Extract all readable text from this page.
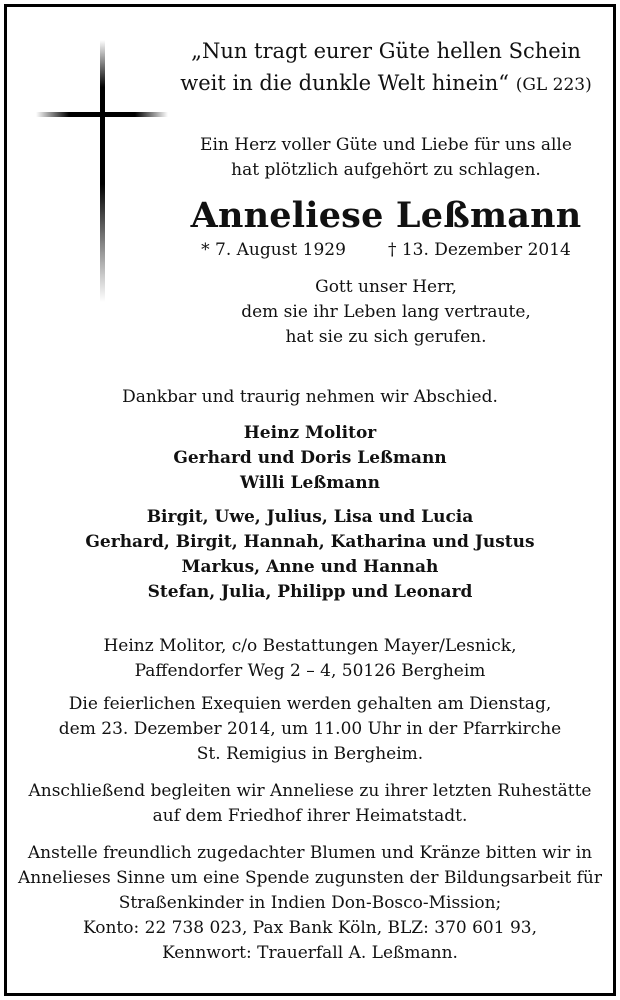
„Nun tragt eurer Güte hellen Schein
weit in die dunkle Welt hinein“ (GL 223)
Ein Herz voller Güte und Liebe für uns alle
hat plötzlich aufgehört zu schlagen.
Anneliese Leßmann
* 7. August 1929 † 13. Dezember 2014
Gott unser Herr,
dem sie ihr Leben lang vertraute,
hat sie zu sich gerufen.
Dankbar und traurig nehmen wir Abschied.
Heinz Molitor
Gerhard und Doris Leßmann
Willi Leßmann
Birgit, Uwe, Julius, Lisa und Lucia
Gerhard, Birgit, Hannah, Katharina und Justus
Markus, Anne und Hannah
Stefan, Julia, Philipp und Leonard
Heinz Molitor, c/o Bestattungen Mayer/Lesnick,
Paffendorfer Weg 2 – 4, 50126 Bergheim
Die feierlichen Exequien werden gehalten am Dienstag,
dem 23. Dezember 2014, um 11.00 Uhr in der Pfarrkirche
St. Remigius in Bergheim.
Anschließend begleiten wir Anneliese zu ihrer letzten Ruhestätte
auf dem Friedhof ihrer Heimatstadt.
Anstelle freundlich zugedachter Blumen und Kränze bitten wir in
Annelieses Sinne um eine Spende zugunsten der Bildungsarbeit für
Straßenkinder in Indien Don-Bosco-Mission;
Konto: 22 738 023, Pax Bank Köln, BLZ: 370 601 93,
Kennwort: Trauerfall A. Leßmann.
